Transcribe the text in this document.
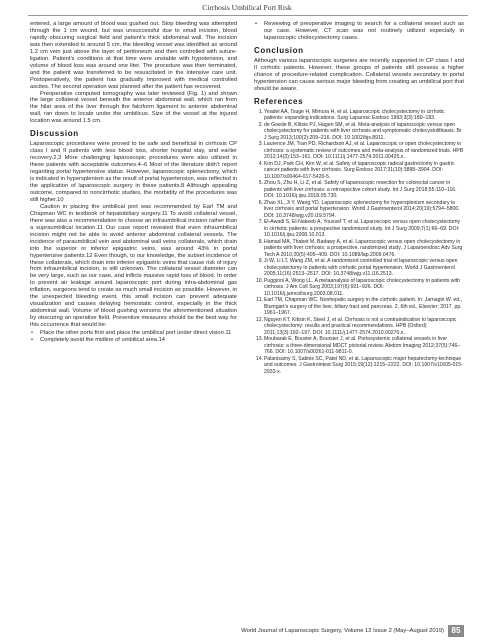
Cirrhosis Umbilical Port Risk

entered, a large amount of blood was gushed out. Stop bleeding was attempted through the 1 cm wound, but was unsuccessful due to small incision, blood rapidly obscuring surgical field and patient’s thick abdominal wall. The incision was then extended to around 5 cm, the bleeding vessel was identified as around 1.2 cm vein just above the layer of peritoneum and then controlled with suture-ligation. Patient’s conditions at that time were unstable with hypotension, and volume of blood loss was around one liter. The procedure was then terminated, and the patient was transferred to be resuscitated in the intensive care unit. Postoperatively, the patient has gradually improved with medical controlled ascites. The second operation was planned after the patient has recovered.

Preoperative computed tomography was later reviewed (Fig. 1) and shown the large collateral vessel beneath the anterior abdominal wall, which ran from the hilar area of the liver through the falciform ligament to anterior abdominal wall, ran down to locate under the umbilicus. Size of the vessel at the injured location was around 1.5 cm.

Discussion

Laparoscopic procedures were proved to be safe and beneficial in cirrhosis CP class I and II patients with less blood loss, shorter hospital stay, and earlier recovery.2,3 More challenging laparoscopic procedures were also utilized in these patients with acceptable outcomes.4–6 Most of the literature didn’t report regarding portal hypertensive status. However, laparoscopic splenectomy, which is indicated in hypersplenism as the result of portal hypertension, was reflected in the application of laparoscopic surgery in these patients.8 Although appealing outcome, compared to noncirrhotic studies, the morbidity of the procedures was still higher.10

Caution in placing the umbilical port was recommended by Earl TM and Chapman WC in textbook of hepatobiliary surgery.11 To avoid collateral vessel, there was also a recommendation to choose an infraumbilical incision rather than a supraumbilical location.11 Our case report revealed that even infraumbilical incision might not be able to avoid anterior abdominal collateral vessels. The incidence of paraumbilical vein and abdominal wall veins collaterals, which drain into the superior or inferior epigastric veins, was around 43% in portal hypertensive patients.12 Even though, to our knowledge, the subset incidence of these collaterals, which drain into inferior epigastric veins that cause risk of injury from infraumbilical incision, is still unknown. The collateral vessel diameter can be very large, such as our case, and inflicts massive rapid loss of blood. In order to prevent air leakage around laparoscopic port during intra-abdominal gas inflation, surgeons tend to create as much small incision as possible. However, in the unexpected bleeding event, this small incision can prevent adequate visualization and causes delaying hemostatic control, especially in the thick abdominal wall. Volume of blood gushing worsens the aforementioned situation by obscuring an operative field. Preventive measures should be the best way for this occurrence that would be:

• Place the other ports first and place the umbilical port under direct vision.11
• Completely avoid the midline of umbilical area.14
• Reviewing of preoperative imaging to search for a collateral vessel such as our case. However, CT scan was not routinely utilized especially in laparoscopic cholecystectomy cases.
Conclusion

Although various laparoscopic surgeries are recently supported in CP class I and II cirrhotic patients. However, these groups of patients still possess a higher chance of procedure-related complication. Collateral vessels secondary to portal hypertension can cause serious major bleeding from creating an umbilical port that should be aware.

References
1. Yeadel AA, Tsuge H, Mimura H, et al. Laparoscopic cholecystectomy in cirrhotic patients: expanding indications. Surg Laparosc Endosc 1993;3(3):180–183.
2. de Goede B, Klitsie PJ, Hagen SM, et al. Meta-analysis of laparoscopic versus open cholecystectomy for patients with liver cirrhosis and symptomatic cholecystolithiasis. Br J Surg 2013;100(2):209–216. DOI: 10.1002/bjs.8911.
3. Laurence JM, Tran PD, Richardson AJ, et al. Laparoscopic or open cholecystectomy in cirrhosis: a systematic review of outcomes and meta-analysis of randomized trials. HPB 2012;14(3):153–161. DOI: 10.1111/j.1477-2574.2011.00425.x.
4. Kim DJ, Park CH, Kim W, et al. Safety of laparoscopic radical gastrectomy in gastric cancer patients with liver cirrhosis. Surg Endosc 2017;31(10):3898–3904. DOI: 10.1007/s00464-017-5420-5.
5. Zhou S, Zhu H, Li Z, et al. Safety of laparoscopic resection for colorectal cancer in patients with liver cirrhosis: a retrospective cohort study. Int J Surg 2018;55:110–116. DOI: 10.1016/j.ijsu.2018.05.730.
6. Zhao XL, Ji Y, Wang YD. Laparoscopic splenectomy for hypersplenism secondary to liver cirrhosis and portal hypertension. World J Gastroenterol 2014;20(19):5794–5800. DOI: 10.3748/wjg.v20.i19.5794.
7. El-Awadi S, El-Nakeeb A, Youssef T, et al. Laparoscopic versus open cholecystectomy in cirrhotic patients: a prospective randomized study. Int J Surg 2009;7(1):66–69. DOI: 10.1016/j.ijsu.2008.10.013.
8. Hamad MA, Thabet M, Badawy A, et al. Laparoscopic versus open cholecystectomy in patients with liver cirrhosis: a prospective, randomized study. J Laparoendosc Adv Surg Tech A 2010;20(5):405–409. DOI: 10.1089/lap.2009.0476.
9. Ji W, Li LT, Wang ZM, et al. A randomized controlled trial of laparoscopic versus open cholecystectomy in patients with cirrhotic portal hypertension. World J Gastroenterol 2005;11(16):2513–2517. DOI: 10.3748/wjg.v11.i16.2513.
10. Puggioni A, Wong LL. A metaanalysis of laparoscopic cholecystectomy in patients with cirrhosis. J Am Coll Surg 2003;197(6):921–926. DOI: 10.1016/j.jamcollsurg.2003.08.011.
11. Earl TM, Chapman WC. Nonhepatic surgery in the cirrhotic patient. In: Jarnagin W. ed., Blumgart’s surgery of the liver, biliary tract and pancreas. 2, 6th ed., Elsevier; 2017. pp. 1961–1967.
12. Nguyen KT, Kitisin K, Steel J, et al. Cirrhosis is not a contraindication to laparoscopic cholecystectomy: results and practical recommendations. HPB (Oxford) 2011;13(3):192–197. DOI: 10.1111/j.1477-2574.2010.00270.x.
13. Moubarak E, Bouvier A, Boursier J, et al. Portosystemic collateral vessels in liver cirrhosis: a three-dimensional MDCT pictorial review. Abdom Imaging 2012;37(5):746–766. DOI: 10.1007/s00261-011-9811-0.
14. Palanisamy S, Sabnis SC, Patel ND, et al. Laparoscopic major hepatectomy-technique and outcomes. J Gastrointest Surg 2015;19(12):2215–2222. DOI: 10.1007/s11605-015-2933-x.
World Journal of Laparoscopic Surgery, Volume 12 Issue 2 (May–August 2019) 85
